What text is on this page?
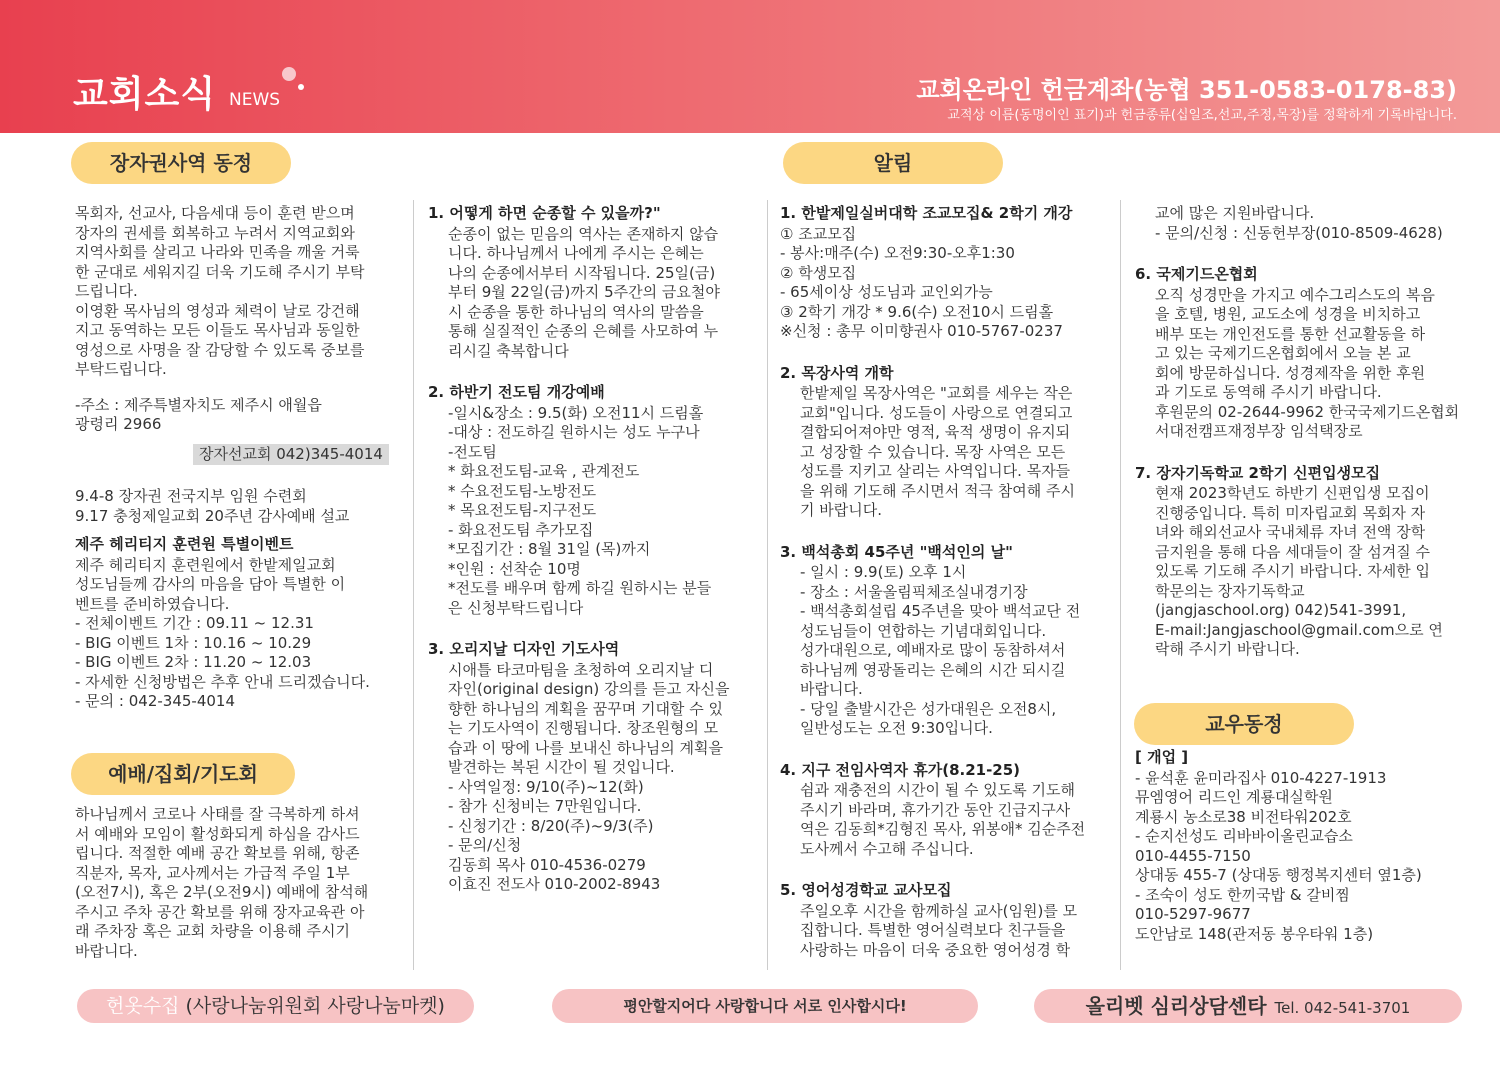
교회소식 NEWS	교회온라인 헌금계좌(농협 351-0583-0178-83)
교적상 이름(동명이인 표기)과 헌금종류(십일조,선교,주정,목장)를 정확하게 기록바랍니다.
장자권사역 동정
예배/집회/기도회
알림
교우동정

목회자, 선교사, 다음세대 등이 훈련 받으며
장자의 권세를 회복하고 누려서 지역교회와
지역사회를 살리고 나라와 민족을 깨울 거룩
한 군대로 세워지길 더욱 기도해 주시기 부탁
드립니다.

이영환 목사님의 영성과 체력이 날로 강건해
지고 동역하는 모든 이들도 목사님과 동일한
영성으로 사명을 잘 감당할 수 있도록 중보를
부탁드립니다.

-주소 : 제주특별자치도 제주시 애월읍
광령리 2966

장자선교회 042)345-4014

9.4-8 장자권 전국지부 임원 수련회
9.17 충청제일교회 20주년 감사예배 설교

제주 헤리티지 훈련원 특별이벤트

제주 헤리티지 훈련원에서 한밭제일교회
성도님들께 감사의 마음을 담아 특별한 이
벤트를 준비하였습니다.
- 전체이벤트 기간 : 09.11 ~ 12.31
- BIG 이벤트 1차 : 10.16 ~ 10.29
- BIG 이벤트 2차 : 11.20 ~ 12.03
- 자세한 신청방법은 추후 안내 드리겠습니다.
- 문의 : 042-345-4014

하나님께서 코로나 사태를 잘 극복하게 하셔
서 예배와 모임이 활성화되게 하심을 감사드
립니다. 적절한 예배 공간 확보를 위해, 항존
직분자, 목자, 교사께서는 가급적 주일 1부
(오전7시), 혹은 2부(오전9시) 예배에 참석해
주시고 주차 공간 확보를 위해 장자교육관 아
래 주차장 혹은 교회 차량을 이용해 주시기
바랍니다.

1. 어떻게 하면 순종할 수 있을까?"

순종이 없는 믿음의 역사는 존재하지 않습
니다. 하나님께서 나에게 주시는 은혜는
나의 순종에서부터 시작됩니다. 25일(금)
부터 9월 22일(금)까지 5주간의 금요철야
시 순종을 통한 하나님의 역사의 말씀을
통해 실질적인 순종의 은혜를 사모하여 누
리시길 축복합니다

2. 하반기 전도팀 개강예배

-일시&장소 : 9.5(화) 오전11시 드림홀
-대상 : 전도하길 원하시는 성도 누구나
-전도팀
* 화요전도팀-교육 , 관계전도
* 수요전도팀-노방전도
* 목요전도팀-지구전도
- 화요전도팀 추가모집
*모집기간 : 8월 31일 (목)까지
*인원 : 선착순 10명
*전도를 배우며 함께 하길 원하시는 분들
은 신청부탁드립니다

3. 오리지날 디자인 기도사역

시애틀 타코마팀을 초청하여 오리지날 디
자인(original design) 강의를 듣고 자신을
향한 하나님의 계획을 꿈꾸며 기대할 수 있
는 기도사역이 진행됩니다. 창조원형의 모
습과 이 땅에 나를 보내신 하나님의 계획을
발견하는 복된 시간이 될 것입니다.
- 사역일정: 9/10(주)~12(화)
- 참가 신청비는 7만원입니다.
- 신청기간 : 8/20(주)~9/3(주)
- 문의/신청
김동희 목사 010-4536-0279
이효진 전도사 010-2002-8943

1. 한밭제일실버대학 조교모집& 2학기 개강

① 조교모집
- 봉사:매주(수) 오전9:30-오후1:30
② 학생모집
- 65세이상 성도님과 교인외가능
③ 2학기 개강 * 9.6(수) 오전10시 드림홀
※신청 : 총무 이미향권사 010-5767-0237

2. 목장사역 개학

한밭제일 목장사역은 "교회를 세우는 작은
교회"입니다. 성도들이 사랑으로 연결되고
결합되어져야만 영적, 육적 생명이 유지되
고 성장할 수 있습니다. 목장 사역은 모든
성도를 지키고 살리는 사역입니다. 목자들
을 위해 기도해 주시면서 적극 참여해 주시
기 바랍니다.

3. 백석총회 45주년 "백석인의 날"

- 일시 : 9.9(토) 오후 1시
- 장소 : 서울올림픽체조실내경기장
- 백석총회설립 45주년을 맞아 백석교단 전
성도님들이 연합하는 기념대회입니다.
성가대원으로, 예배자로 많이 동참하셔서
하나님께 영광돌리는 은혜의 시간 되시길
바랍니다.
- 당일 출발시간은 성가대원은 오전8시,
일반성도는 오전 9:30입니다.

4. 지구 전임사역자 휴가(8.21-25)

쉼과 재충전의 시간이 될 수 있도록 기도해
주시기 바라며, 휴가기간 동안 긴급지구사
역은 김동희*김형진 목사, 위봉애* 김순주전
도사께서 수고해 주십니다.

5. 영어성경학교 교사모집

주일오후 시간을 함께하실 교사(임원)를 모
집합니다. 특별한 영어실력보다 친구들을
사랑하는 마음이 더욱 중요한 영어성경 학

교에 많은 지원바랍니다.
- 문의/신청 : 신동헌부장(010-8509-4628)

6. 국제기드온협회

오직 성경만을 가지고 예수그리스도의 복음
을 호텔, 병원, 교도소에 성경을 비치하고
배부 또는 개인전도를 통한 선교활동을 하
고 있는 국제기드온협회에서 오늘 본 교
회에 방문하십니다. 성경제작을 위한 후원
과 기도로 동역해 주시기 바랍니다.
후원문의 02-2644-9962 한국국제기드온협회
서대전캠프재정부장 임석택장로

7. 장자기독학교 2학기 신편입생모집

현재 2023학년도 하반기 신편입생 모집이
진행중입니다. 특히 미자립교회 목회자 자
녀와 해외선교사 국내체류 자녀 전액 장학
금지원을 통해 다음 세대들이 잘 섬겨질 수
있도록 기도해 주시기 바랍니다. 자세한 입
학문의는 장자기독학교
(jangjaschool.org) 042)541-3991,
E-mail:Jangjaschool@gmail.com으로 연
락해 주시기 바랍니다.

[ 개업 ]

- 윤석훈 윤미라집사 010-4227-1913
뮤엠영어 리드인 계룡대실학원
계룡시 농소로38 비전타워202호
- 순지선성도 리바바이올린교습소
010-4455-7150
상대동 455-7 (상대동 행정복지센터 옆1층)
- 조숙이 성도 한끼국밥 & 갈비찜
010-5297-9677
도안남로 148(관저동 봉우타워 1층)

헌옷수집 (사랑나눔위원회 사랑나눔마켓)	평안할지어다 사랑합니다 서로 인사합시다!	올리벳 심리상담센타 Tel. 042-541-3701
